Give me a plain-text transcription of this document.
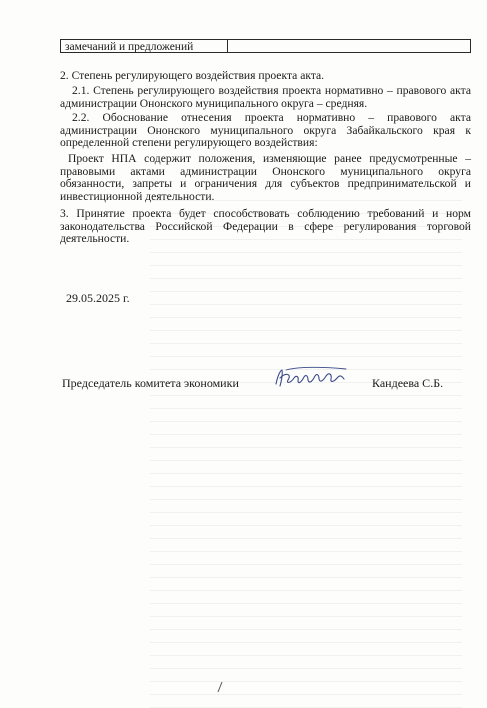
замечаний и предложений

2. Степень регулирующего воздействия проекта акта.

2.1. Степень регулирующего воздействия проекта нормативно – правового акта администрации Ононского муниципального округа – средняя.

2.2. Обоснование отнесения проекта нормативно – правового акта администрации Ононского муниципального округа Забайкальского края к определенной степени регулирующего воздействия:

Проект НПА содержит положения, изменяющие ранее предусмотренные – правовыми актами администрации Ононского муниципального округа обязанности, запреты и ограничения для субъектов предпринимательской и инвестиционной деятельности.

3. Принятие проекта будет способствовать соблюдению требований и норм законодательства Российской Федерации в сфере регулирования торговой деятельности.

29.05.2025 г.
Председатель комитета экономики	Кандеева С.Б.
